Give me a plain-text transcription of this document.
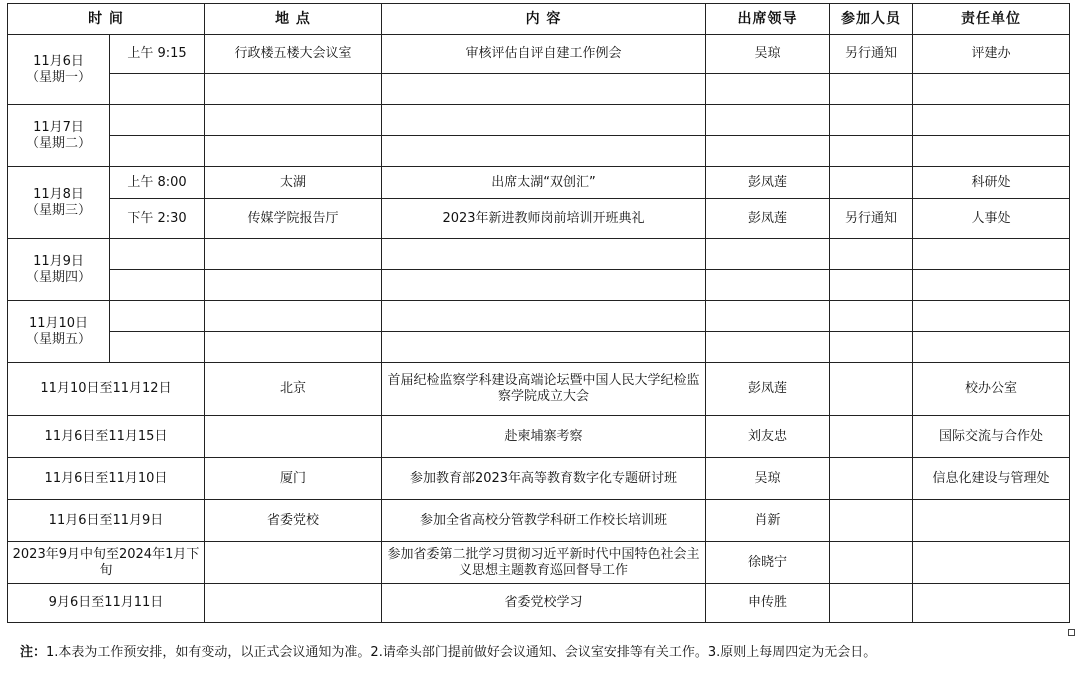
时 间		地 点	内 容	出席领导	参加人员	责任单位

11月6日
（星期一）	上午 9:15	行政楼五楼大会议室	审核评估自评自建工作例会	吴琼	另行通知	评建办

11月7日
（星期二）						

11月8日
（星期三）	上午 8:00	太湖	出席太湖“双创汇”	彭凤莲		科研处
	下午 2:30	传媒学院报告厅	2023年新进教师岗前培训开班典礼	彭凤莲	另行通知	人事处

11月9日
（星期四）						

11月10日
（星期五）						

11月10日至11月12日		北京	首届纪检监察学科建设高端论坛暨中国人民大学纪检监察学院成立大会	彭凤莲		校办公室
11月6日至11月15日			赴柬埔寨考察	刘友忠		国际交流与合作处
11月6日至11月10日		厦门	参加教育部2023年高等教育数字化专题研讨班	吴琼		信息化建设与管理处
11月6日至11月9日		省委党校	参加全省高校分管教学科研工作校长培训班	肖新		
2023年9月中旬至2024年1月下旬			参加省委第二批学习贯彻习近平新时代中国特色社会主义思想主题教育巡回督导工作	徐晓宁		
9月6日至11月11日			省委党校学习	申传胜		
注：1.本表为工作预安排，如有变动，以正式会议通知为准。2.请牵头部门提前做好会议通知、会议室安排等有关工作。3.原则上每周四定为无会日。
